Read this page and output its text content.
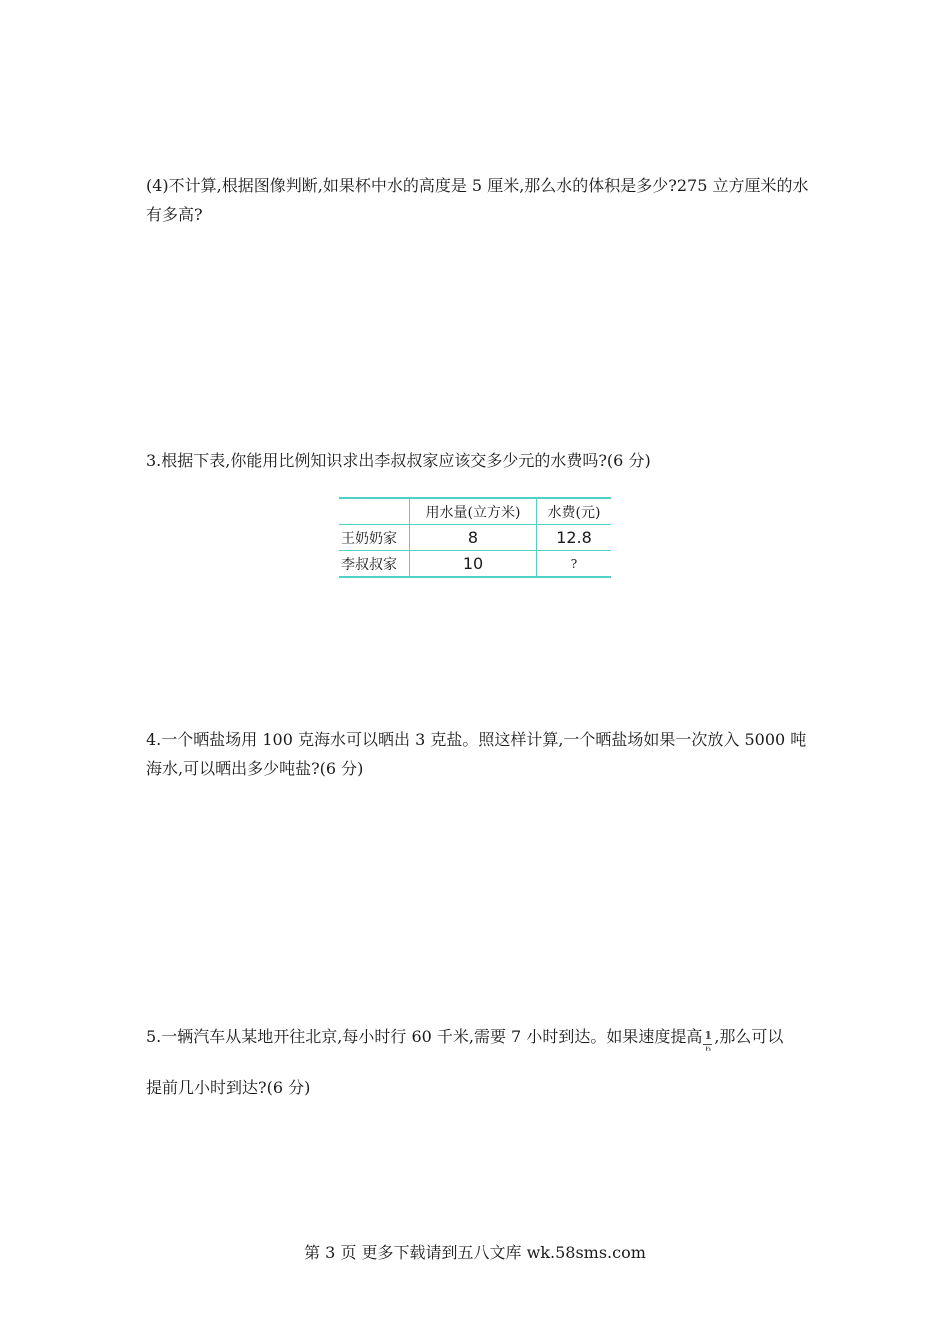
(4)不计算,根据图像判断,如果杯中水的高度是 5 厘米,那么水的体积是多少?275 立方厘米的水有多高?

3.根据下表,你能用比例知识求出李叔叔家应该交多少元的水费吗?(6 分)

	用水量(立方米)	水费(元)
王奶奶家	8	12.8
李叔叔家	10	?

4.一个晒盐场用 100 克海水可以晒出 3 克盐。照这样计算,一个晒盐场如果一次放入 5000 吨海水,可以晒出多少吨盐?(6 分)

5.一辆汽车从某地开往北京,每小时行 60 千米,需要 7 小时到达。如果速度提高 $\frac{1}{6}$ ,那么可以

提前几小时到达?(6 分)

第 3 页 更多下载请到五八文库 wk.58sms.com
